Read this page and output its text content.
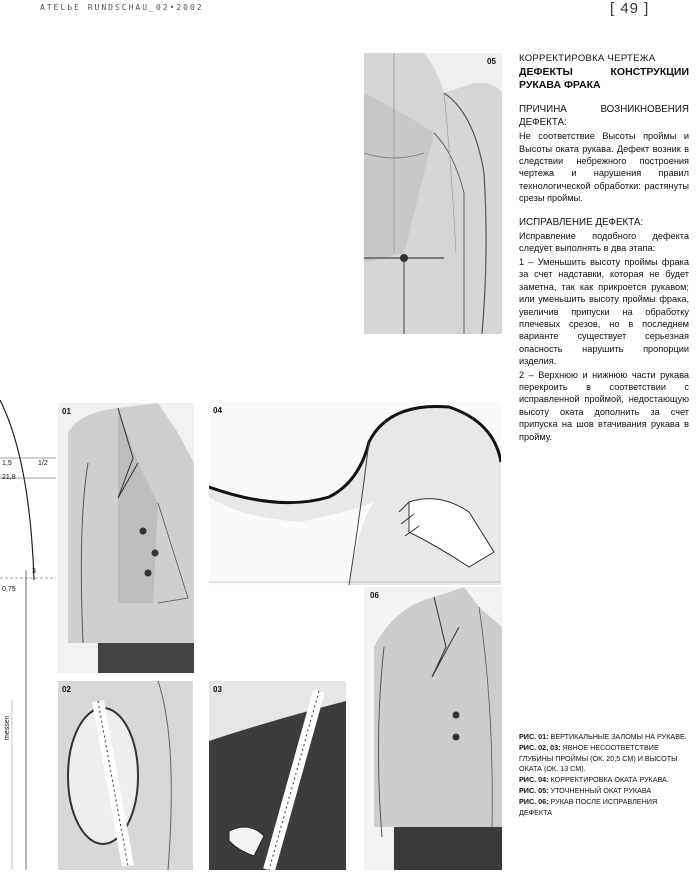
ATELЬE RUNDSCHAU_02•2002	[ 49 ]
05
1,5	1/2
21,8
3
0,75
messen
01	04
06
02	03

КОРРЕКТИРОВКА ЧЕРТЕЖА

ДЕФЕКТЫ КОНСТРУКЦИИ РУКАВА ФРАКА

ПРИЧИНА ВОЗНИКНОВЕНИЯ ДЕФЕКТА:

Не соответствие Высоты проймы и Высоты оката рукава. Дефект возник в следствии небрежного построения чертежа и нарушения правил технологической обработки: растянуты срезы проймы.

ИСПРАВЛЕНИЕ ДЕФЕКТА:

Исправление подобного дефекта следует выполнять в два этапа:

1 – Уменьшить высоту проймы фрака за счет надставки, которая не будет заметна, так как прикроется рукавом; или уменьшить высоту проймы фрака, увеличив припуски на обработку плечевых срезов, но в последнем варианте существует серьезная опасность нарушить пропорции изделия.

2 – Верхнюю и нижнюю части рукава перекроить в соответствии с исправленной проймой, недостающую высоту оката дополнить за счет припуска на шов втачивания рукава в пройму.

РИС. 01: ВЕРТИКАЛЬНЫЕ ЗАЛОМЫ НА РУКАВЕ.

РИС. 02, 03: ЯВНОЕ НЕСООТВЕТСТВИЕ ГЛУБИНЫ ПРОЙМЫ (ОК. 20,5 СМ) И ВЫСОТЫ ОКАТА (ОК. 13 СМ).

РИС. 04: КОРРЕКТИРОВКА ОКАТА РУКАВА.

РИС. 05: УТОЧНЕННЫЙ ОКАТ РУКАВА

РИС. 06: РУКАВ ПОСЛЕ ИСПРАВЛЕНИЯ ДЕФЕКТА
